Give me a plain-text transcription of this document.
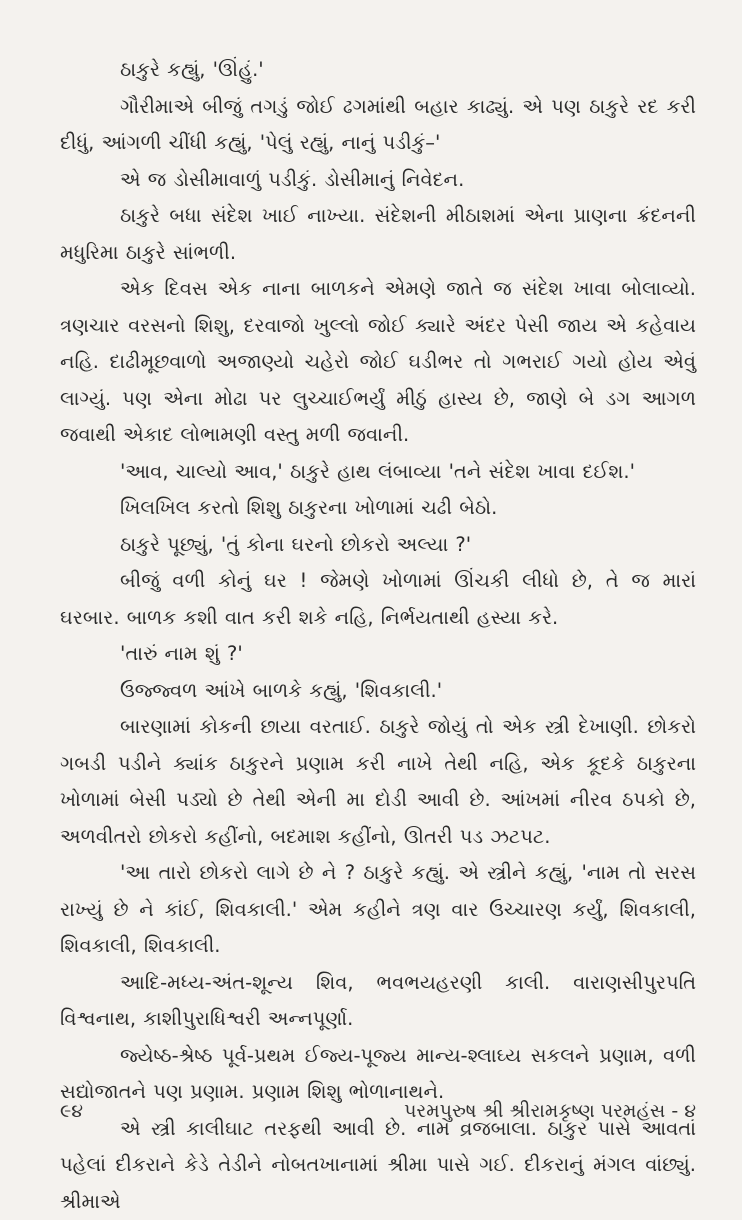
ઠાકુરે કહ્યું, 'ઊંહું.'

ગૌરીમાએ બીજું તગડું જોઈ ઢગમાંથી બહાર કાઢ્યું. એ પણ ઠાકુરે રદ કરી દીધું, આંગળી ચીંધી કહ્યું, 'પેલું રહ્યું, નાનું પડીકું–'

એ જ ડોસીમાવાળું પડીકું. ડોસીમાનું નિવેદન.

ઠાકુરે બધા સંદેશ ખાઈ નાખ્યા. સંદેશની મીઠાશમાં એના પ્રાણના ક્રંદનની મધુરિમા ઠાકુરે સાંભળી.

એક દિવસ એક નાના બાળકને એમણે જાતે જ સંદેશ ખાવા બોલાવ્યો. ત્રણચાર વરસનો શિશુ, દરવાજો ખુલ્લો જોઈ ક્યારે અંદર પેસી જાય એ કહેવાય નહિ. દાઢીમૂછવાળો અજાણ્યો ચહેરો જોઈ ઘડીભર તો ગભરાઈ ગયો હોય એવું લાગ્યું. પણ એના મોઢા પર લુચ્ચાઈભર્યું મીઠું હાસ્ય છે, જાણે બે ડગ આગળ જવાથી એકાદ લોભામણી વસ્તુ મળી જવાની.

'આવ, ચાલ્યો આવ,' ઠાકુરે હાથ લંબાવ્યા 'તને સંદેશ ખાવા દઈશ.'

ખિલખિલ કરતો શિશુ ઠાકુરના ખોળામાં ચઢી બેઠો.

ઠાકુરે પૂછ્યું, 'તું કોના ઘરનો છોકરો અલ્યા ?'

બીજું વળી કોનું ઘર ! જેમણે ખોળામાં ઊંચકી લીધો છે, તે જ મારાં ઘરબાર. બાળક કશી વાત કરી શકે નહિ, નિર્ભયતાથી હસ્યા કરે.

'તારું નામ શું ?'

ઉજ્જ્વળ આંખે બાળકે કહ્યું, 'શિવકાલી.'

બારણામાં કોકની છાયા વરતાઈ. ઠાકુરે જોયું તો એક સ્ત્રી દેખાણી. છોકરો ગબડી પડીને ક્યાંક ઠાકુરને પ્રણામ કરી નાખે તેથી નહિ, એક કૂદકે ઠાકુરના ખોળામાં બેસી પડ્યો છે તેથી એની મા દોડી આવી છે. આંખમાં નીરવ ઠપકો છે, અળવીતરો છોકરો કહીંનો, બદમાશ કહીંનો, ઊતરી પડ ઝટપટ.

'આ તારો છોકરો લાગે છે ને ? ઠાકુરે કહ્યું. એ સ્ત્રીને કહ્યું, 'નામ તો સરસ રાખ્યું છે ને કાંઈ, શિવકાલી.' એમ કહીને ત્રણ વાર ઉચ્ચારણ કર્યું, શિવકાલી, શિવકાલી, શિવકાલી.

આદિ-મધ્ય-અંત-શૂન્ય શિવ, ભવભયહરણી કાલી. વારાણસીપુરપતિ વિશ્વનાથ, કાશીપુરાધિશ્વરી અન્નપૂર્ણા.

જ્યેષ્ઠ-શ્રેષ્ઠ પૂર્વ-પ્રથમ ઈજ્ય-પૂજ્ય માન્ય-શ્લાઘ્ય સકલને પ્રણામ, વળી સદ્યોજાતને પણ પ્રણામ. પ્રણામ શિશુ ભોળાનાથને.

એ સ્ત્રી કાલીઘાટ તરફથી આવી છે. નામ વ્રજબાલા. ઠાકુર પાસે આવતાં પહેલાં દીકરાને કેડે તેડીને નોબતખાનામાં શ્રીમા પાસે ગઈ. દીકરાનું મંગલ વાંછ્યું. શ્રીમાએ

૯૪	પરમપુરુષ શ્રી શ્રીરામકૃષ્ણ પરમહંસ - ૪
